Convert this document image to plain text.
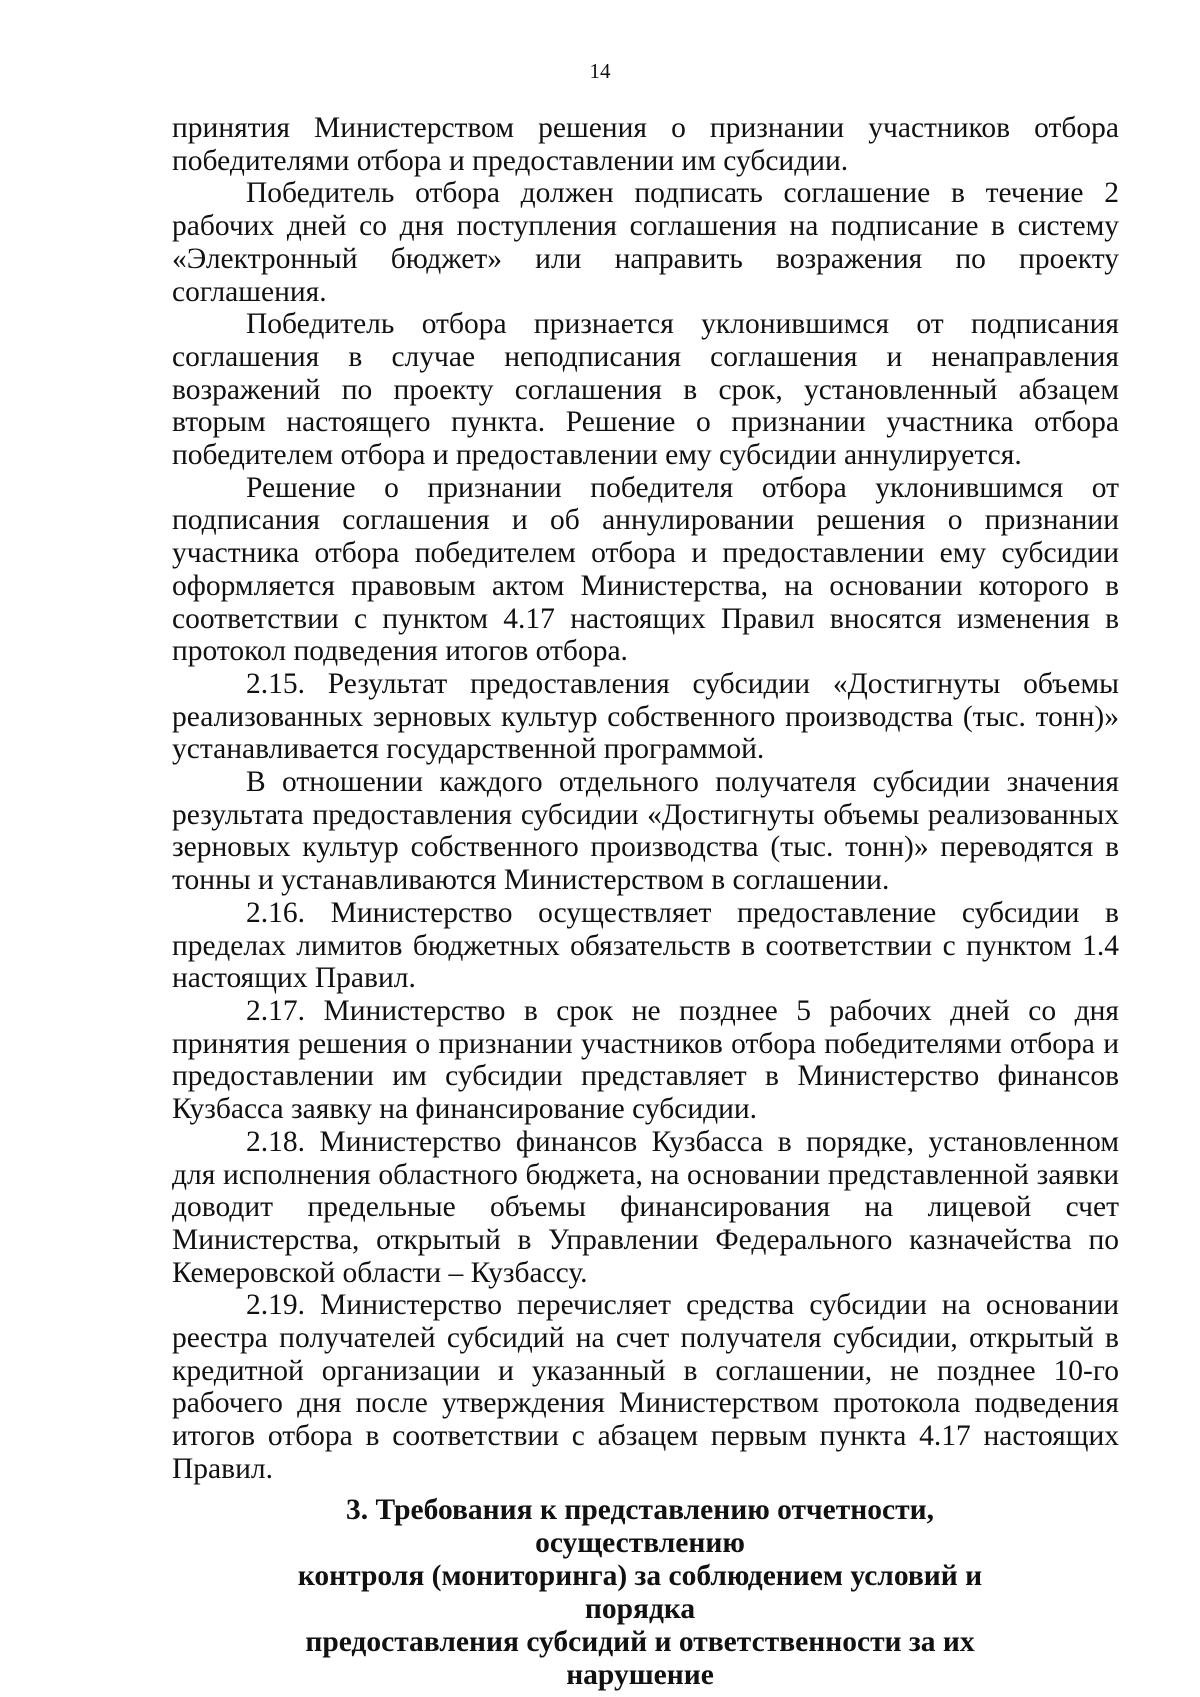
14

принятия Министерством решения о признании участников отбора победителями отбора и предоставлении им субсидии.

Победитель отбора должен подписать соглашение в течение 2 рабочих дней со дня поступления соглашения на подписание в систему «Электронный бюджет» или направить возражения по проекту соглашения.

Победитель отбора признается уклонившимся от подписания соглашения в случае неподписания соглашения и ненаправления возражений по проекту соглашения в срок, установленный абзацем вторым настоящего пункта. Решение о признании участника отбора победителем отбора и предоставлении ему субсидии аннулируется.

Решение о признании победителя отбора уклонившимся от подписания соглашения и об аннулировании решения о признании участника отбора победителем отбора и предоставлении ему субсидии оформляется правовым актом Министерства, на основании которого в соответствии с пунктом 4.17 настоящих Правил вносятся изменения в протокол подведения итогов отбора.

2.15. Результат предоставления субсидии «Достигнуты объемы реализованных зерновых культур собственного производства (тыс. тонн)» устанавливается государственной программой.

В отношении каждого отдельного получателя субсидии значения результата предоставления субсидии «Достигнуты объемы реализованных зерновых культур собственного производства (тыс. тонн)» переводятся в тонны и устанавливаются Министерством в соглашении.

2.16. Министерство осуществляет предоставление субсидии в пределах лимитов бюджетных обязательств в соответствии с пунктом 1.4 настоящих Правил.

2.17. Министерство в срок не позднее 5 рабочих дней со дня принятия решения о признании участников отбора победителями отбора и предоставлении им субсидии представляет в Министерство финансов Кузбасса заявку на финансирование субсидии.

2.18. Министерство финансов Кузбасса в порядке, установленном для исполнения областного бюджета, на основании представленной заявки доводит предельные объемы финансирования на лицевой счет Министерства, открытый в Управлении Федерального казначейства по Кемеровской области – Кузбассу.

2.19. Министерство перечисляет средства субсидии на основании реестра получателей субсидий на счет получателя субсидии, открытый в кредитной организации и указанный в соглашении, не позднее 10-го рабочего дня после утверждения Министерством протокола подведения итогов отбора в соответствии с абзацем первым пункта 4.17 настоящих Правил.

3. Требования к представлению отчетности, осуществлению
контроля (мониторинга) за соблюдением условий и порядка
предоставления субсидий и ответственности за их нарушение
